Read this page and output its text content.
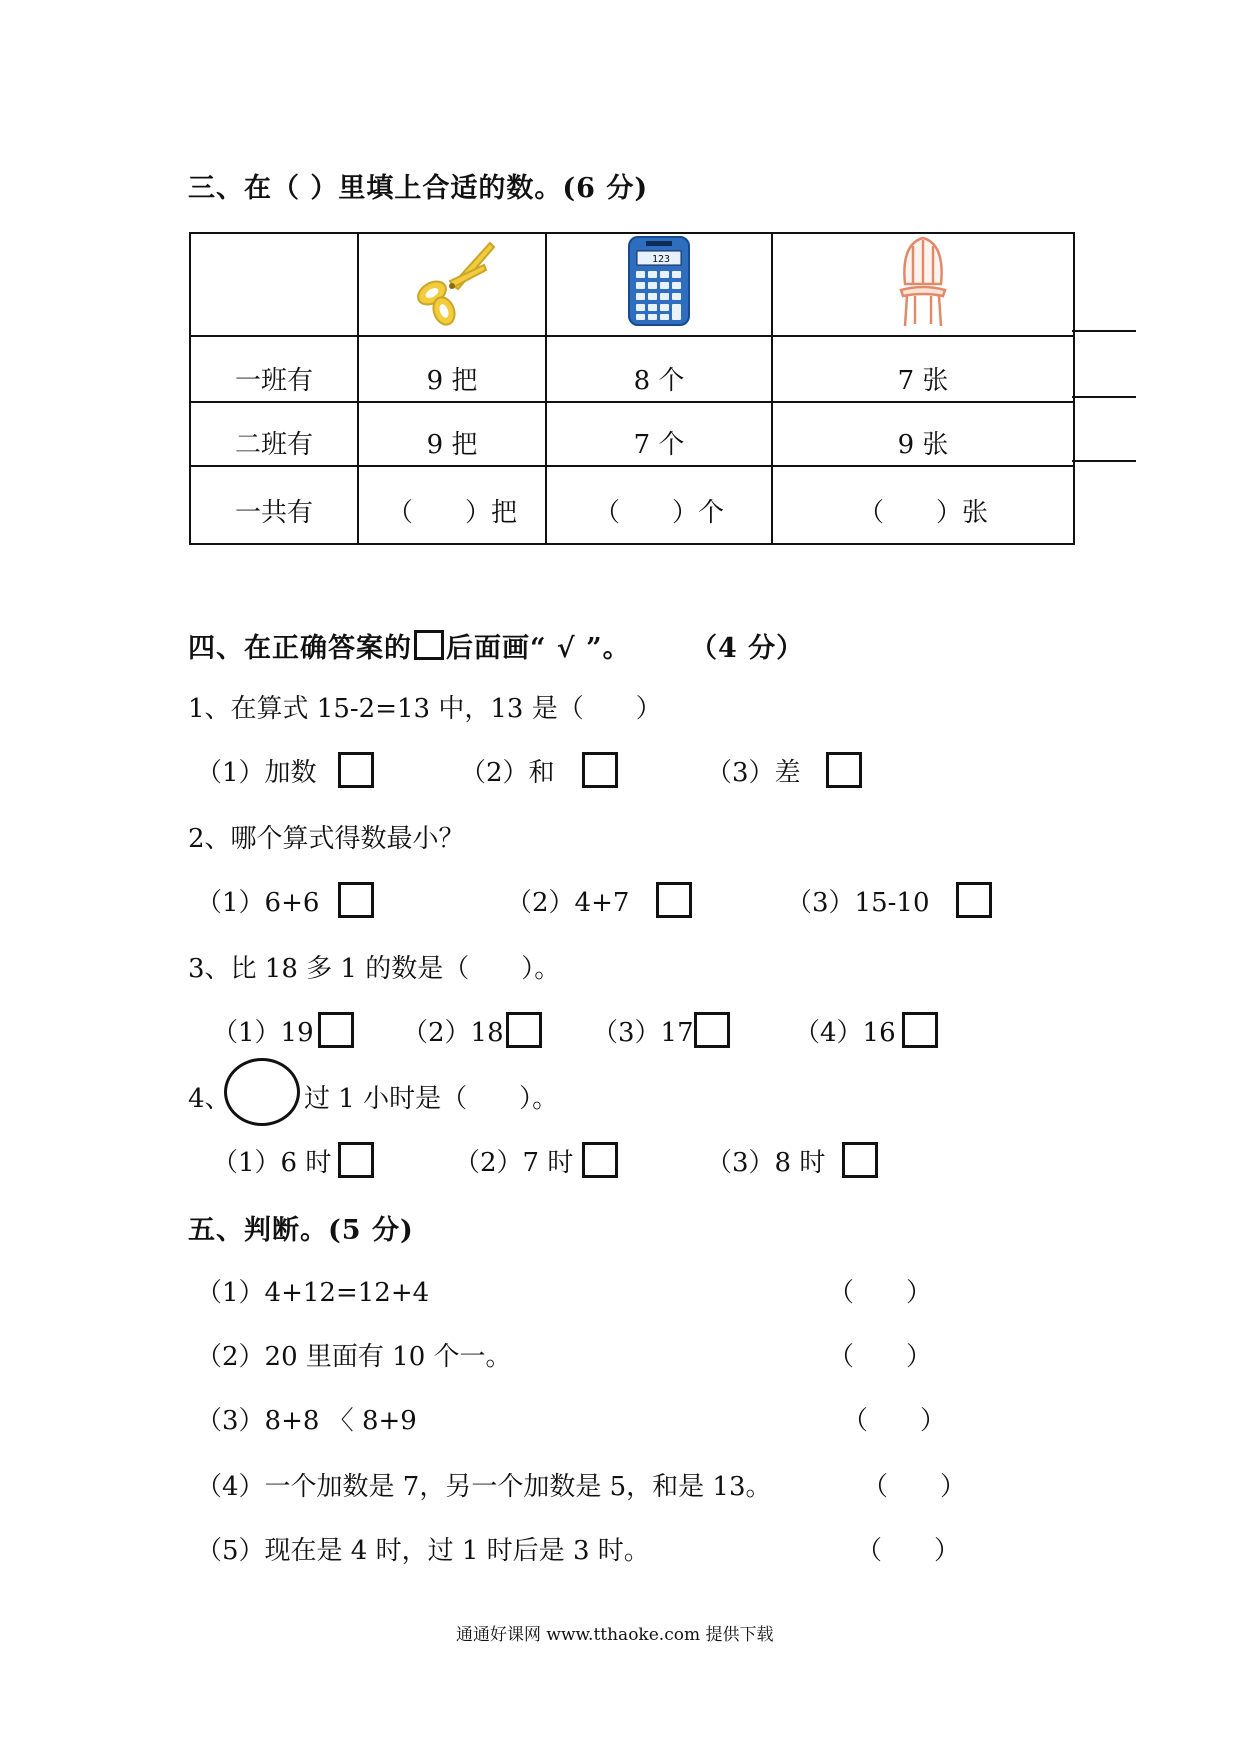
三、在（ ）里填上合适的数。(6 分)

123

一班有	9 把	8 个	7 张
二班有	9 把	7 个	9 张
一共有	（　　）把	（　　）个	（　　）张
四、在正确答案的 后面画“ √ ”。 （4 分）
1、在算式 15-2=13 中，13 是（　　）
（1）加数	（2）和	（3）差
2、哪个算式得数最小？
（1）6+6	（2）4+7	（3）15-10
3、比 18 多 1 的数是（　　）。
（1）19	（2）18	（3）17	（4）16
4、	过 1 小时是（　　）。
（1）6 时	（2）7 时	（3）8 时
五、判断。(5 分)
（1）4+12=12+4	（　　）
（2）20 里面有 10 个一。	（　　）
（3）8+8 〈 8+9	（　　）
（4）一个加数是 7，另一个加数是 5，和是 13。	（　　）
（5）现在是 4 时，过 1 时后是 3 时。	（　　）
通通好课网 www.tthaoke.com 提供下载
